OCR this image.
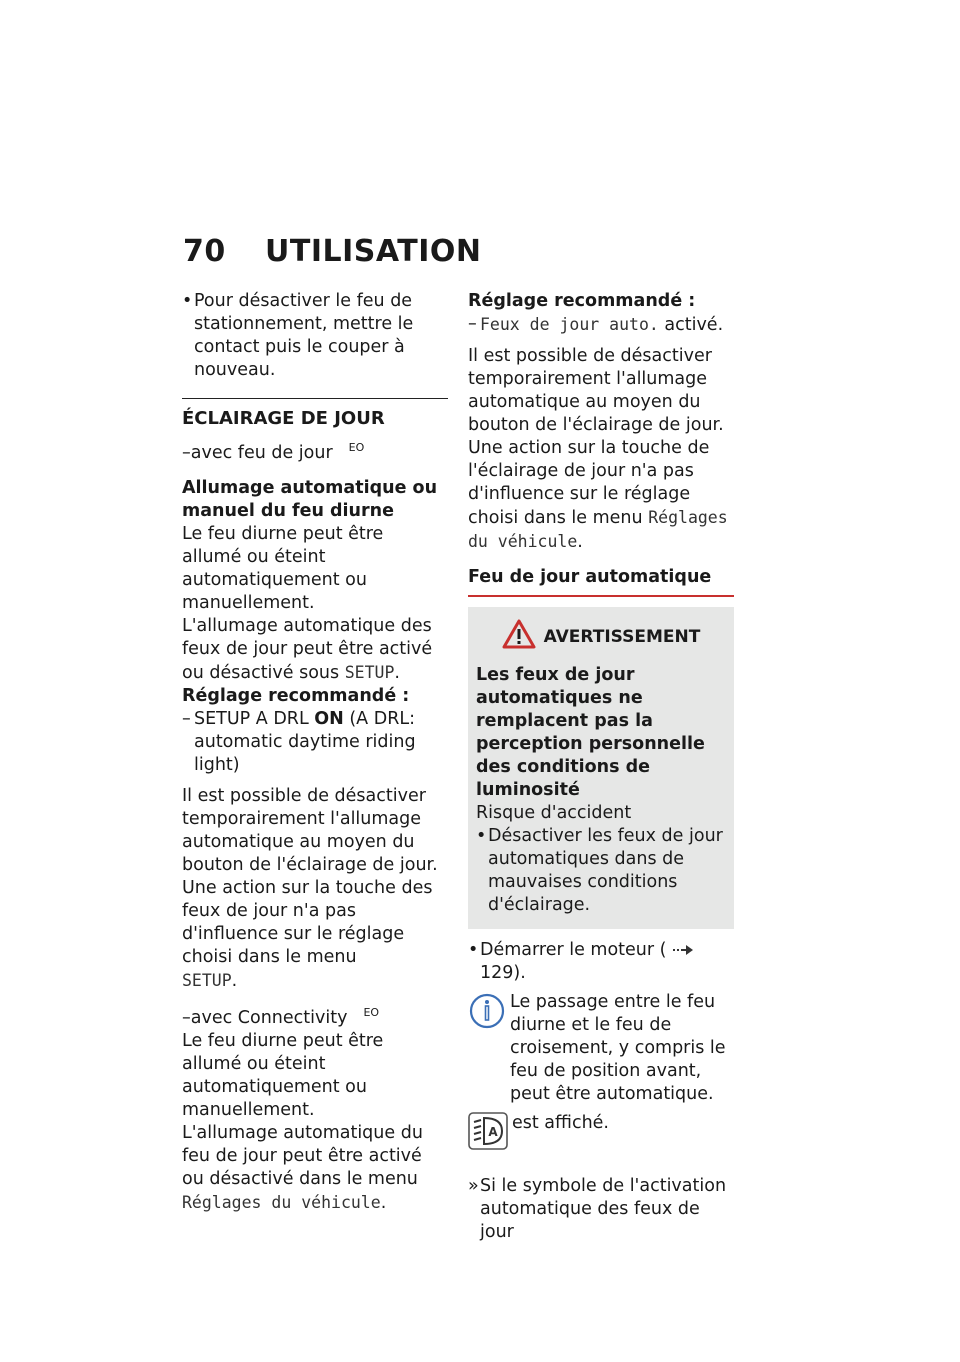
70 UTILISATION

• Pour désactiver le feu de stationnement, mettre le contact puis le couper à nouveau.

ÉCLAIRAGE DE JOUR

–avec feu de jour $^{EO}$

Allumage automatique ou manuel du feu diurne

Le feu diurne peut être allumé ou éteint automatiquement ou manuellement.

L'allumage automatique des feux de jour peut être activé ou désactivé sous SETUP.

Réglage recommandé :

– SETUP A DRL ON (A DRL: automatic daytime riding light)

Il est possible de désactiver temporairement l'allumage automatique au moyen du bouton de l'éclairage de jour. Une action sur la touche des feux de jour n'a pas d'influence sur le réglage choisi dans le menu
SETUP.

–avec Connectivity $^{EO}$

Le feu diurne peut être allumé ou éteint automatiquement ou manuellement.

L'allumage automatique du feu de jour peut être activé ou désactivé dans le menu Réglages du véhicule.

Réglage recommandé :

– Feux de jour auto. activé.

Il est possible de désactiver temporairement l'allumage automatique au moyen du bouton de l'éclairage de jour. Une action sur la touche de l'éclairage de jour n'a pas d'influence sur le réglage choisi dans le menu Réglages du véhicule.

Feu de jour automatique
AVERTISSEMENT

Les feux de jour automatiques ne remplacent pas la perception personnelle des conditions de luminosité

Risque d'accident

• Désactiver les feux de jour automatiques dans de mauvaises conditions d'éclairage.

• Démarrer le moteur (  129).

Le passage entre le feu diurne et le feu de croisement, y compris le feu de position avant, peut être automatique.

A est affiché.

» Si le symbole de l'activation automatique des feux de jour
